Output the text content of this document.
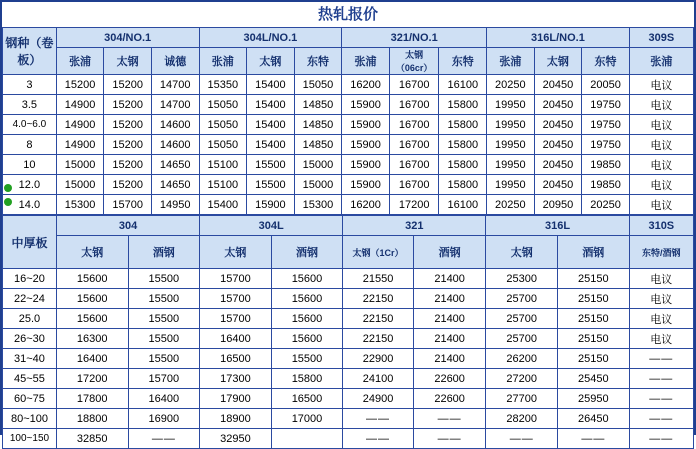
热轧报价
钢种（卷板）	304/NO.1			304L/NO.1			321/NO.1			316L/NO.1			309S
	张浦	太钢	诚德	张浦	太钢	东特	张浦	太钢（06cr）	东特	张浦	太钢	东特	张浦
3	15200	15200	14700	15350	15400	15050	16200	16700	16100	20250	20450	20050	电议
3.5	14900	15200	14700	15050	15400	14850	15900	16700	15800	19950	20450	19750	电议
4.0~6.0	14900	15200	14600	15050	15400	14850	15900	16700	15800	19950	20450	19750	电议
8	14900	15200	14600	15050	15400	14850	15900	16700	15800	19950	20450	19750	电议
10	15000	15200	14650	15100	15500	15000	15900	16700	15800	19950	20450	19850	电议
12.0	15000	15200	14650	15100	15500	15000	15900	16700	15800	19950	20450	19850	电议
14.0	15300	15700	14950	15400	15900	15300	16200	17200	16100	20250	20950	20250	电议
中厚板	304		304L		321		316L		310S
	太钢	酒钢	太钢	酒钢	太钢（1Cr）	酒钢	太钢	酒钢	东特/酒钢
16~20	15600	15500	15700	15600	21550	21400	25300	25150	电议
22~24	15600	15500	15700	15600	22150	21400	25700	25150	电议
25.0	15600	15500	15700	15600	22150	21400	25700	25150	电议
26~30	16300	15500	16400	15600	22150	21400	25700	25150	电议
31~40	16400	15500	16500	15500	22900	21400	26200	25150	——
45~55	17200	15700	17300	15800	24100	22600	27200	25450	——
60~75	17800	16400	17900	16500	24900	22600	27700	25950	——
80~100	18800	16900	18900	17000	——	——	28200	26450	——
100~150	32850	——	32950		——	——	——	——	——
